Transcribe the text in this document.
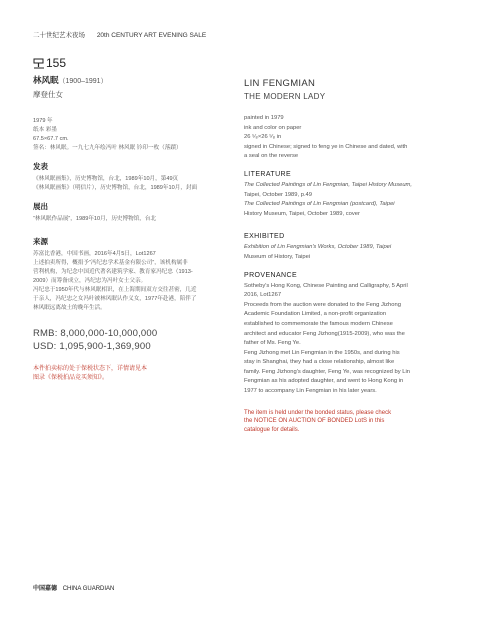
二十世纪艺术夜场 20th CENTURY ART EVENING SALE
155
林风眠（1900–1991）
摩登仕女
1979 年
纸本 彩墨
67.5×67.7 cm.
签名：林风眠。一九七九年绘冯叶 林风眠 钤印一枚（落蹟）
发表
《林风眠画集》，历史博物馆，台北，1989年10月，第49页
《林风眠画集》（明信片），历史博物馆，台北，1989年10月，封面
展出
“林风眠作品展”，1989年10月，历史博物馆，台北
来源
苏富比香港，中国书画，2016年4月5日，Lot1267
上述拍卖所得，概捐予“冯纪忠学术基金有限公司”，该机构属非
营利机构，为纪念中国近代著名建筑学家、教育家冯纪忠（1913-
2009）而筹备成立，冯纪忠为冯叶女士父亲。
冯纪忠于1950年代与林风眠相识，在上海期间双方交往甚密，几近
于亲人，冯纪忠之女冯叶被林风眠认作义女，1977年赴港，陪伴了
林风眠远离故土的晚年生活。
RMB: 8,000,000-10,000,000
USD: 1,095,900-1,369,900
本件拍卖标的处于保税状态下，详情请见本
图录《保税拍品竞买须知》。
LIN FENGMIAN
THE MODERN LADY
painted in 1979
ink and color on paper
26 ⁵⁄₈×26 ⁵⁄₈ in
signed in Chinese; signed to feng ye in Chinese and dated, with
a seal on the reverse
LITERATURE
The Collected Paintings of Lin Fengmian, Taipei History Museum,
Taipei, October 1989, p.49
The Collected Paintings of Lin Fengmian (postcard), Taipei
History Museum, Taipei, October 1989, cover
EXHIBITED
Exhibition of Lin Fengmian's Works, October 1989, Taipei
Museum of History, Taipei
PROVENANCE
Sotheby's Hong Kong, Chinese Painting and Calligraphy, 5 April
2016, Lot1267
Proceeds from the auction were donated to the Feng Jizhong
Academic Foundation Limited, a non-profit organization
established to commemorate the famous modern Chinese
architect and educator Feng Jizhong(1915-2009), who was the
father of Ms. Feng Ye.
Feng Jizhong met Lin Fengmian in the 1950s, and during his
stay in Shanghai, they had a close relationship, almost like
family. Feng Jizhong's daughter, Feng Ye, was recognized by Lin
Fengmian as his adopted daughter, and went to Hong Kong in
1977 to accompany Lin Fengmian in his later years.
The item is held under the bonded status, please check
the NOTICE ON AUCTION OF BONDED LotS in this
catalogue for details.
中国嘉德 CHINA GUARDIAN
